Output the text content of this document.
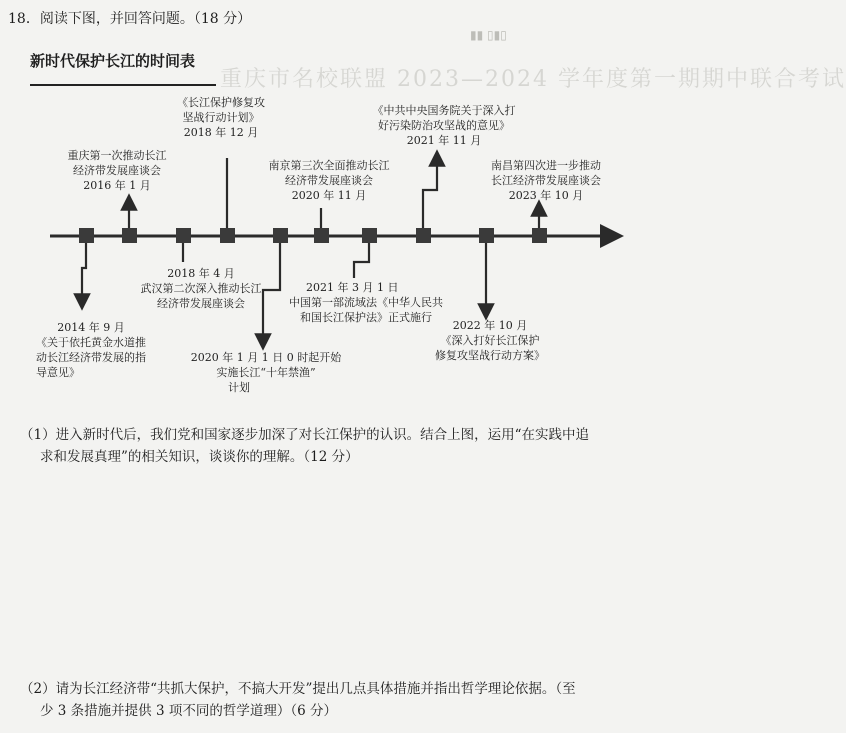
18．阅读下图，并回答问题。（18 分）
▮▮ ▯▮▯
新时代保护长江的时间表
重庆市名校联盟 2023—2024 学年度第一期期中联合考试
2014 年 9 月
《关于依托黄金水道推
动长江经济带发展的指
导意见》
重庆第一次推动长江
经济带发展座谈会
2016 年 1 月
2018 年 4 月
武汉第二次深入推动长江
经济带发展座谈会
《长江保护修复攻
坚战行动计划》
2018 年 12 月
2020 年 1 月 1 日 0 时起开始
实施长江“十年禁渔”
计划
南京第三次全面推动长江
经济带发展座谈会
2020 年 11 月
2021 年 3 月 1 日
中国第一部流域法《中华人民共
和国长江保护法》正式施行
《中共中央国务院关于深入打
好污染防治攻坚战的意见》
2021 年 11 月
2022 年 10 月
《深入打好长江保护
修复攻坚战行动方案》
南昌第四次进一步推动
长江经济带发展座谈会
2023 年 10 月
（1）进入新时代后，我们党和国家逐步加深了对长江保护的认识。结合上图，运用“在实践中追
求和发展真理”的相关知识，谈谈你的理解。（12 分）
（2）请为长江经济带“共抓大保护，不搞大开发”提出几点具体措施并指出哲学理论依据。（至
少 3 条措施并提供 3 项不同的哲学道理）（6 分）
